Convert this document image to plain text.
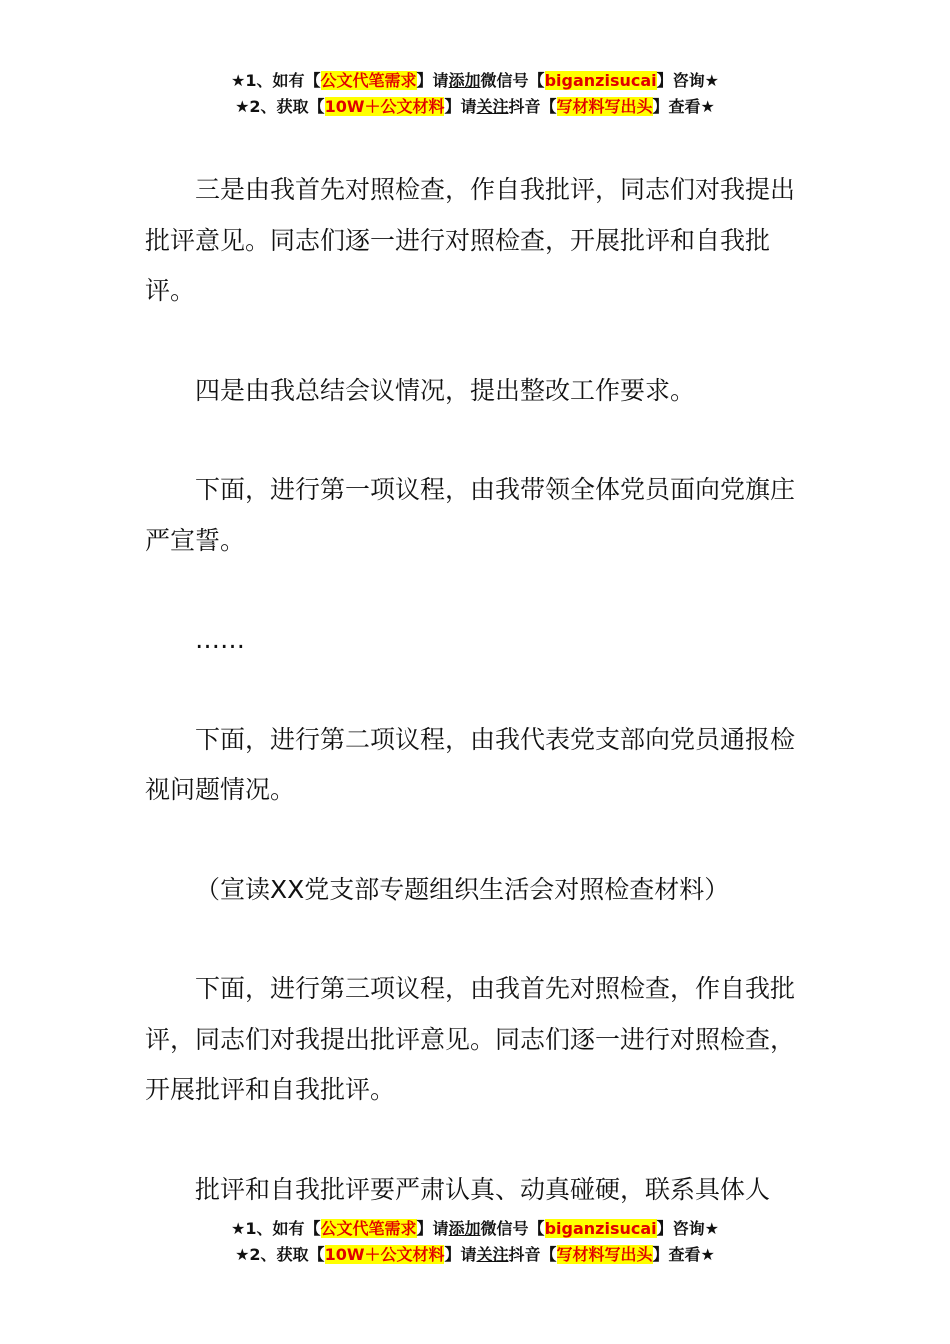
★1、如有【公文代笔需求】请添加微信号【biganzisucai】咨询★
★2、获取【10W＋公文材料】请关注抖音【写材料写出头】查看★

三是由我首先对照检查，作自我批评，同志们对我提出批评意见。同志们逐一进行对照检查，开展批评和自我批评。

四是由我总结会议情况，提出整改工作要求。

下面，进行第一项议程，由我带领全体党员面向党旗庄严宣誓。

……

下面，进行第二项议程，由我代表党支部向党员通报检视问题情况。

（宣读XX党支部专题组织生活会对照检查材料）

下面，进行第三项议程，由我首先对照检查，作自我批评，同志们对我提出批评意见。同志们逐一进行对照检查，开展批评和自我批评。

批评和自我批评要严肃认真、动真碰硬，联系具体人

★1、如有【公文代笔需求】请添加微信号【biganzisucai】咨询★
★2、获取【10W＋公文材料】请关注抖音【写材料写出头】查看★
